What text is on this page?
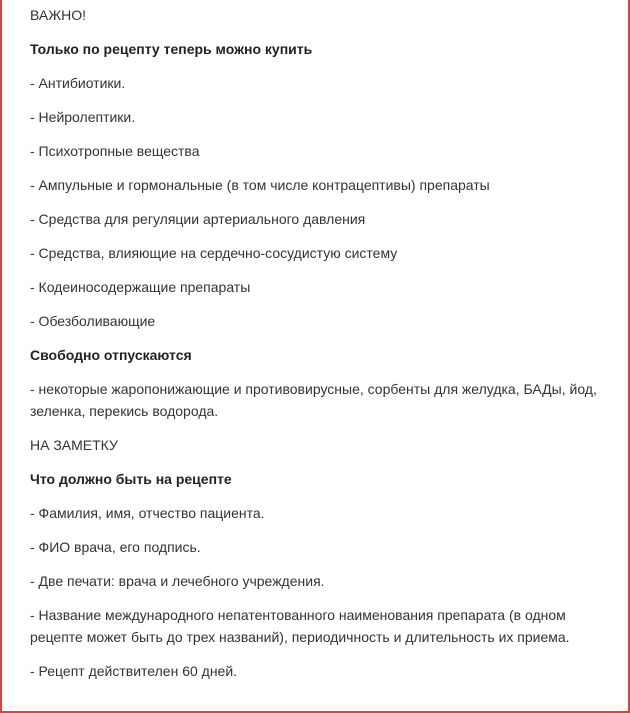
ВАЖНО!

Только по рецепту теперь можно купить

- Антибиотики.

- Нейролептики.

- Психотропные вещества

- Ампульные и гормональные (в том числе контрацептивы) препараты

- Средства для регуляции артериального давления

- Средства, влияющие на сердечно-сосудистую систему

- Кодеиносодержащие препараты

- Обезболивающие

Свободно отпускаются

- некоторые жаропонижающие и противовирусные, сорбенты для желудка, БАДы, йод, зеленка, перекись водорода.

НА ЗАМЕТКУ

Что должно быть на рецепте

- Фамилия, имя, отчество пациента.

- ФИО врача, его подпись.

- Две печати: врача и лечебного учреждения.

- Название международного непатентованного наименования препарата (в одном рецепте может быть до трех названий), периодичность и длительность их приема.

- Рецепт действителен 60 дней.
